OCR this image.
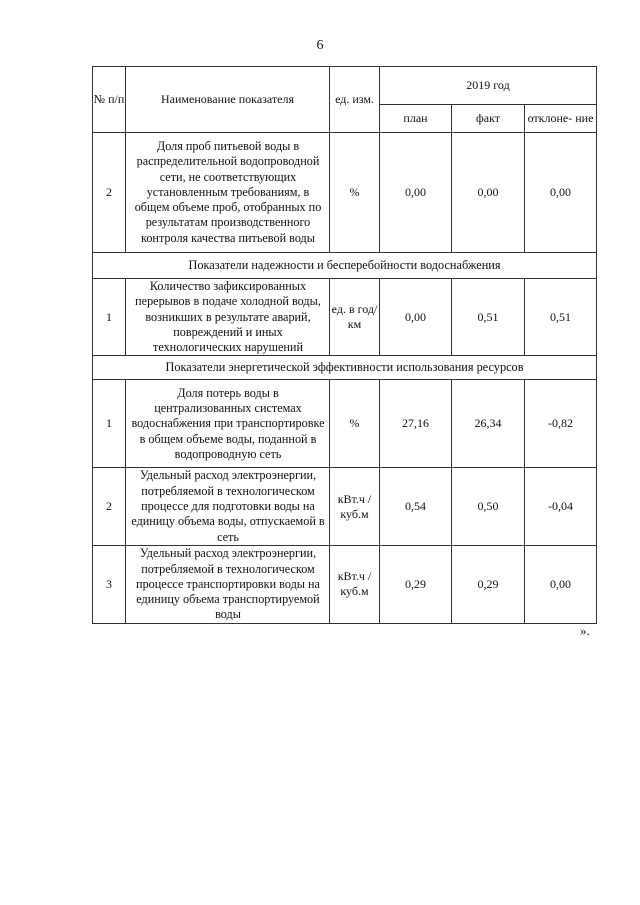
6
№ п/п	Наименование показателя	ед. изм.	2019 год		
			план	факт	отклоне- ние
2	Доля проб питьевой воды в распределительной водопроводной сети, не соответствующих установленным требованиям, в общем объеме проб, отобранных по результатам производственного контроля качества питьевой воды	%	0,00	0,00	0,00
Показатели надежности и бесперебойности водоснабжения					
1	Количество зафиксированных перерывов в подаче холодной воды, возникших в результате аварий, повреждений и иных технологических нарушений	ед. в год/ км	0,00	0,51	0,51
Показатели энергетической эффективности использования ресурсов					
1	Доля потерь воды в централизованных системах водоснабжения при транспортировке в общем объеме воды, поданной в водопроводную сеть	%	27,16	26,34	-0,82
2	Удельный расход электроэнергии, потребляемой в технологическом процессе для подготовки воды на единицу объема воды, отпускаемой в сеть	кВт.ч / куб.м	0,54	0,50	-0,04
3	Удельный расход электроэнергии, потребляемой в технологическом процессе транспортировки воды на единицу объема транспортируемой воды	кВт.ч / куб.м	0,29	0,29	0,00
».
